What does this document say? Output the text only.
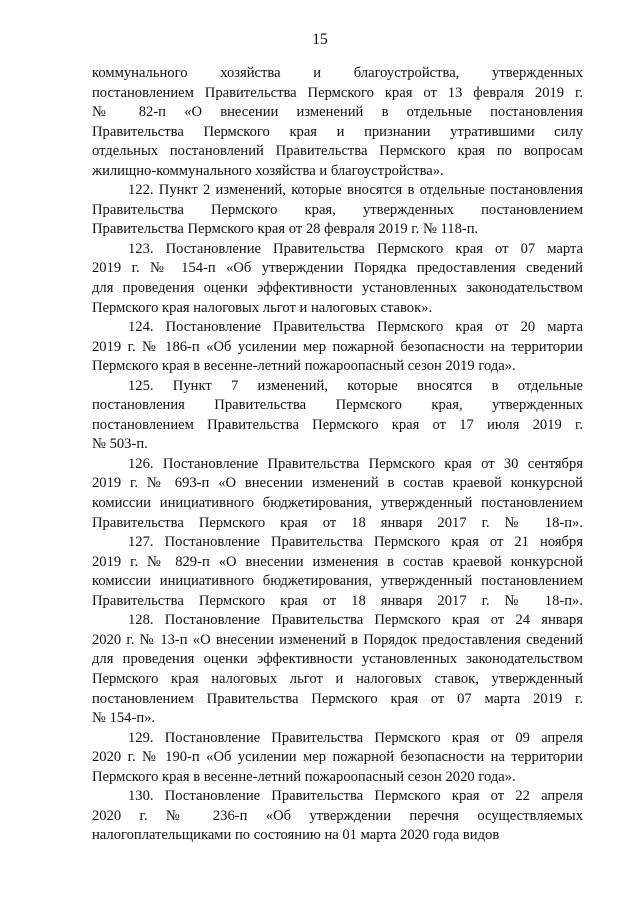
15
коммунального хозяйства и благоустройства, утвержденных
постановлением Правительства Пермского края от 13 февраля 2019 г.
№ 82-п «О внесении изменений в отдельные постановления
Правительства Пермского края и признании утратившими силу
отдельных постановлений Правительства Пермского края по вопросам
жилищно-коммунального хозяйства и благоустройства».
122. Пункт 2 изменений, которые вносятся в отдельные постановления
Правительства Пермского края, утвержденных постановлением
Правительства Пермского края от 28 февраля 2019 г. № 118-п.
123. Постановление Правительства Пермского края от 07 марта
2019 г. № 154-п «Об утверждении Порядка предоставления сведений
для проведения оценки эффективности установленных законодательством
Пермского края налоговых льгот и налоговых ставок».
124. Постановление Правительства Пермского края от 20 марта
2019 г. № 186-п «Об усилении мер пожарной безопасности на территории
Пермского края в весенне-летний пожароопасный сезон 2019 года».
125. Пункт 7 изменений, которые вносятся в отдельные
постановления Правительства Пермского края, утвержденных
постановлением Правительства Пермского края от 17 июля 2019 г.
№ 503-п.
126. Постановление Правительства Пермского края от 30 сентября
2019 г. № 693-п «О внесении изменений в состав краевой конкурсной
комиссии инициативного бюджетирования, утвержденный постановлением
Правительства Пермского края от 18 января 2017 г. № 18-п».
127. Постановление Правительства Пермского края от 21 ноября
2019 г. № 829-п «О внесении изменения в состав краевой конкурсной
комиссии инициативного бюджетирования, утвержденный постановлением
Правительства Пермского края от 18 января 2017 г. № 18-п».
128. Постановление Правительства Пермского края от 24 января
2020 г. № 13-п «О внесении изменений в Порядок предоставления сведений
для проведения оценки эффективности установленных законодательством
Пермского края налоговых льгот и налоговых ставок, утвержденный
постановлением Правительства Пермского края от 07 марта 2019 г.
№ 154-п».
129. Постановление Правительства Пермского края от 09 апреля
2020 г. № 190-п «Об усилении мер пожарной безопасности на территории
Пермского края в весенне-летний пожароопасный сезон 2020 года».
130. Постановление Правительства Пермского края от 22 апреля
2020 г. № 236-п «Об утверждении перечня осуществляемых
налогоплательщиками по состоянию на 01 марта 2020 года видов
